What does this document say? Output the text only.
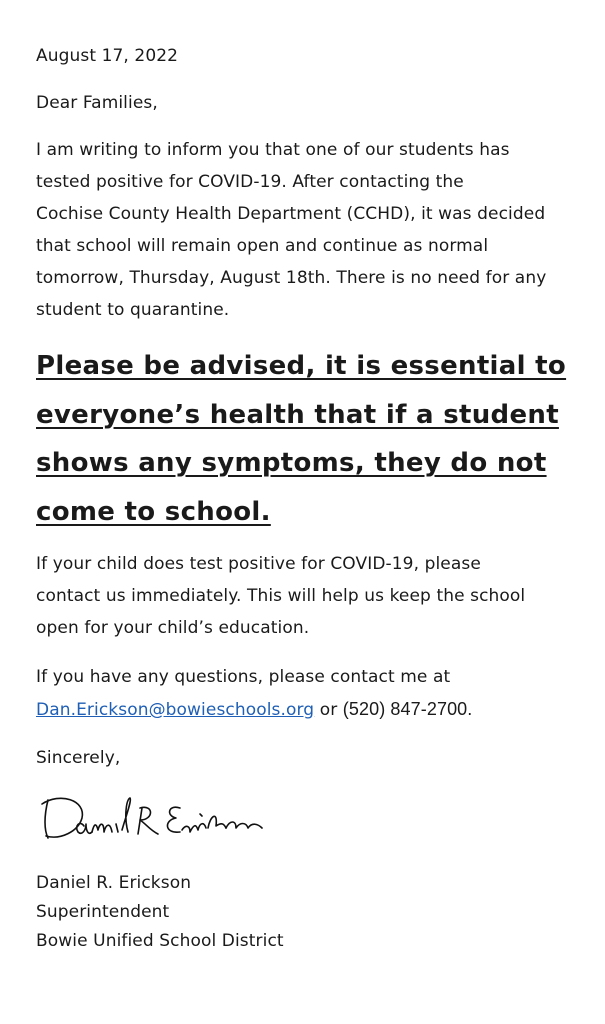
August 17, 2022
Dear Families,
I am writing to inform you that one of our students has
tested positive for COVID-19. After contacting the
Cochise County Health Department (CCHD), it was decided
that school will remain open and continue as normal
tomorrow, Thursday, August 18th. There is no need for any
student to quarantine.
Please be advised, it is essential to
everyone’s health that if a student
shows any symptoms, they do not
come to school.
If your child does test positive for COVID-19, please
contact us immediately. This will help us keep the school
open for your child’s education.
If you have any questions, please contact me at
Dan.Erickson@bowieschools.org or (520) 847-2700.
Sincerely,
Daniel R. Erickson
Superintendent
Bowie Unified School District
